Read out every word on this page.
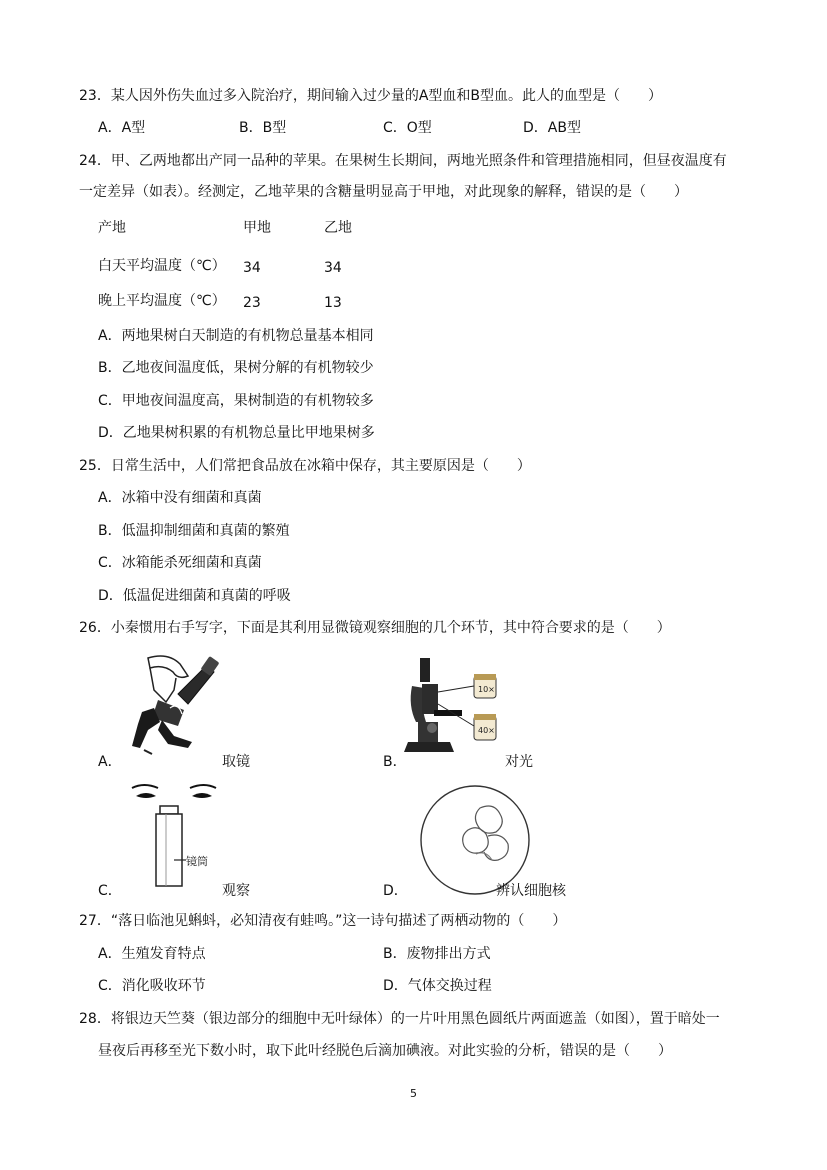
23．某人因外伤失血过多入院治疗，期间输入过少量的A型血和B型血。此人的血型是（　　）
A．A型	B．B型	C．O型	D．AB型
24．甲、乙两地都出产同一品种的苹果。在果树生长期间，两地光照条件和管理措施相同，但昼夜温度有
一定差异（如表）。经测定，乙地苹果的含糖量明显高于甲地，对此现象的解释，错误的是（　　）
产地	甲地	乙地
白天平均温度（℃） 34	34
晚上平均温度（℃） 23	13
A．两地果树白天制造的有机物总量基本相同
B．乙地夜间温度低，果树分解的有机物较少
C．甲地夜间温度高，果树制造的有机物较多
D．乙地果树积累的有机物总量比甲地果树多
25．日常生活中，人们常把食品放在冰箱中保存，其主要原因是（　　）
A．冰箱中没有细菌和真菌
B．低温抑制细菌和真菌的繁殖
C．冰箱能杀死细菌和真菌
D．低温促进细菌和真菌的呼吸
26．小秦惯用右手写字，下面是其利用显微镜观察细胞的几个环节，其中符合要求的是（　　）
A．	取镜
10×
40×
B．	对光
镜筒
C．	观察	D．	辨认细胞核
27．“落日临池见蝌蚪，必知清夜有蛙鸣。”这一诗句描述了两栖动物的（　　）
A．生殖发育特点	B．废物排出方式
C．消化吸收环节	D．气体交换过程
28．将银边天竺葵（银边部分的细胞中无叶绿体）的一片叶用黑色圆纸片两面遮盖（如图），置于暗处一
昼夜后再移至光下数小时，取下此叶经脱色后滴加碘液。对此实验的分析，错误的是（　　）
5
